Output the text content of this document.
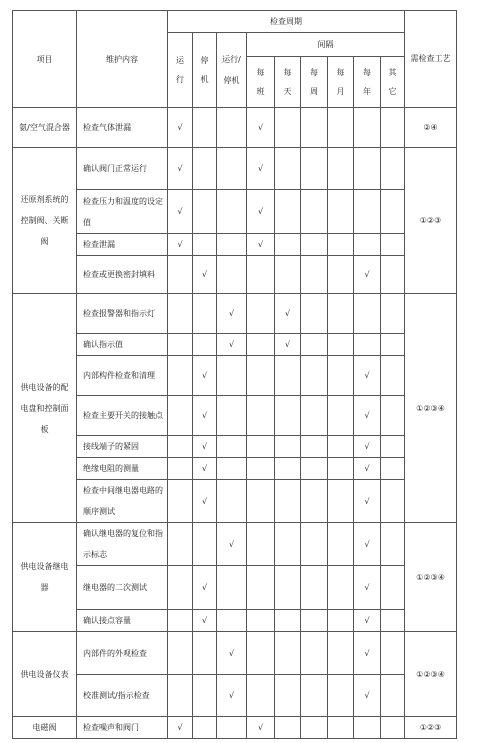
项目	维护内容	检查周期									需检查工艺
		运行	停机	运行/停机	间隔						
					每班	每天	每周	每月	每年	其它	
氨/空气混合器	检查气体泄漏	√			√						②④
还原剂系统的控制阀、关断阀	确认阀门正常运行	√			√						①②③
	检查压力和温度的设定值	√			√						
	检查泄漏	√			√						
	检查或更换密封填料		√						√		
供电设备的配电盘和控制面板	检查报警器和指示灯			√		√					①②③④
	确认指示值			√		√					
	内部构件检查和清理		√						√		
	检查主要开关的接触点		√						√		
	接线端子的紧固		√						√		
	绝缘电阻的测量		√						√		
	检查中间继电器电路的顺序测试		√						√		
供电设备继电器	确认继电器的复位和指示标志			√					√		①②③④
	继电器的二次测试		√						√		
	确认接点容量		√						√		
供电设备仪表	内部件的外观检查			√					√		①②③④
	校准测试/指示检查			√					√		
电磁阀	检查噪声和阀门	√			√						①②③
